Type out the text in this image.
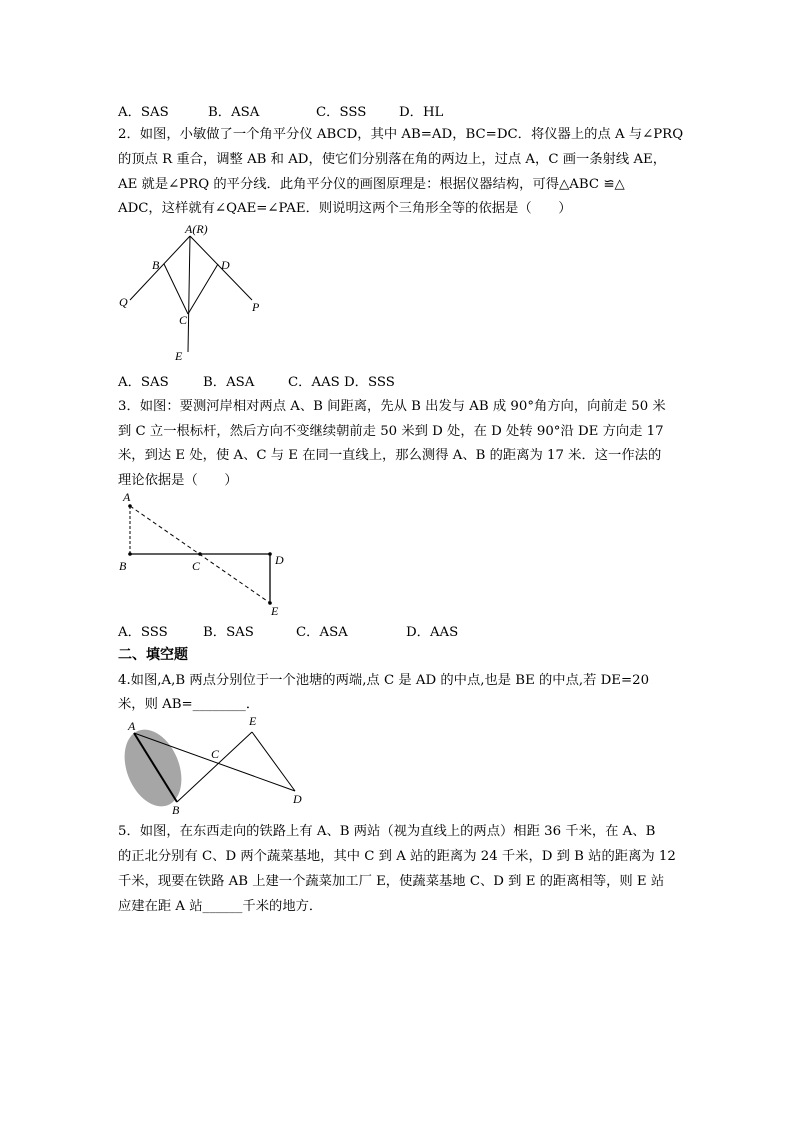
A．SAS	B．ASA	C．SSS D．HL
2．如图，小敏做了一个角平分仪 ABCD，其中 AB=AD，BC=DC．将仪器上的点 A 与∠PRQ
的顶点 R 重合，调整 AB 和 AD，使它们分别落在角的两边上，过点 A，C 画一条射线 AE，
AE 就是∠PRQ 的平分线．此角平分仪的画图原理是：根据仪器结构，可得△ABC ≌△
ADC，这样就有∠QAE=∠PAE．则说明这两个三角形全等的依据是（　　）
A(R)
B	D
Q
C
P
E
A．SAS	B．ASA	C．AAS D．SSS
3．如图：要测河岸相对两点 A、B 间距离，先从 B 出发与 AB 成 90°角方向，向前走 50 米
到 C 立一根标杆，然后方向不变继续朝前走 50 米到 D 处，在 D 处转 90°沿 DE 方向走 17
米，到达 E 处，使 A、C 与 E 在同一直线上，那么测得 A、B 的距离为 17 米．这一作法的
理论依据是（　　）
A
B	C	D
E
A．SSS	B．SAS	C．ASA	D．AAS
二、填空题
4.如图,A,B 两点分别位于一个池塘的两端,点 C 是 AD 的中点,也是 BE 的中点,若 DE=20
米，则 AB=________．
A	E
C
B
D
5．如图，在东西走向的铁路上有 A、B 两站（视为直线上的两点）相距 36 千米，在 A、B
的正北分别有 C、D 两个蔬菜基地，其中 C 到 A 站的距离为 24 千米，D 到 B 站的距离为 12
千米，现要在铁路 AB 上建一个蔬菜加工厂 E，使蔬菜基地 C、D 到 E 的距离相等，则 E 站
应建在距 A 站______千米的地方．
